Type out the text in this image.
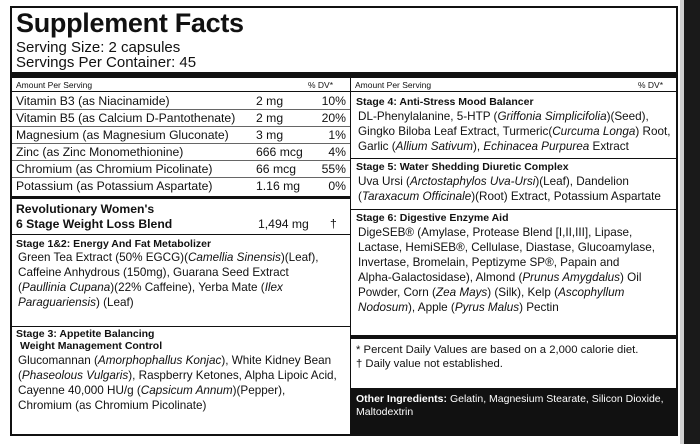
Supplement Facts
Serving Size: 2 capsules
Servings Per Container: 45
Amount Per Serving	% DV*	Amount Per Serving	% DV*
Vitamin B3 (as Niacinamide)	2 mg	10%
Vitamin B5 (as Calcium D-Pantothenate) 2 mg	20%
Magnesium (as Magnesium Gluconate) 3 mg	1%
Zinc (as Zinc Monomethionine)	666 mcg	4%
Chromium (as Chromium Picolinate)	66 mcg	55%
Potassium (as Potassium Aspartate)	1.16 mg	0%
Revolutionary Women's
6 Stage Weight Loss Blend	1,494 mg †
Stage 1&2: Energy And Fat Metabolizer
Green Tea Extract (50% EGCG)(Camellia Sinensis)(Leaf),
Caffeine Anhydrous (150mg), Guarana Seed Extract
(Paullinia Cupana)(22% Caffeine), Yerba Mate (Ilex
Paraguariensis) (Leaf)
Stage 3: Appetite Balancing
Weight Management Control
Glucomannan (Amorphophallus Konjac), White Kidney Bean
(Phaseolous Vulgaris), Raspberry Ketones, Alpha Lipoic Acid,
Cayenne 40,000 HU/g (Capsicum Annum)(Pepper),
Chromium (as Chromium Picolinate)
Stage 4: Anti-Stress Mood Balancer
DL-Phenylalanine, 5-HTP (Griffonia Simplicifolia)(Seed),
Gingko Biloba Leaf Extract, Turmeric(Curcuma Longa) Root,
Garlic (Allium Sativum), Echinacea Purpurea Extract
Stage 5: Water Shedding Diuretic Complex
Uva Ursi (Arctostaphylos Uva-Ursi)(Leaf), Dandelion
(Taraxacum Officinale)(Root) Extract, Potassium Aspartate
Stage 6: Digestive Enzyme Aid
DigeSEB® (Amylase, Protease Blend [I,II,III], Lipase,
Lactase, HemiSEB®, Cellulase, Diastase, Glucoamylase,
Invertase, Bromelain, Peptizyme SP®, Papain and
Alpha-Galactosidase), Almond (Prunus Amygdalus) Oil
Powder, Corn (Zea Mays) (Silk), Kelp (Ascophyllum
Nodosum), Apple (Pyrus Malus) Pectin
* Percent Daily Values are based on a 2,000 calorie diet.
† Daily value not established.
Other Ingredients: Gelatin, Magnesium Stearate, Silicon Dioxide, Maltodextrin
